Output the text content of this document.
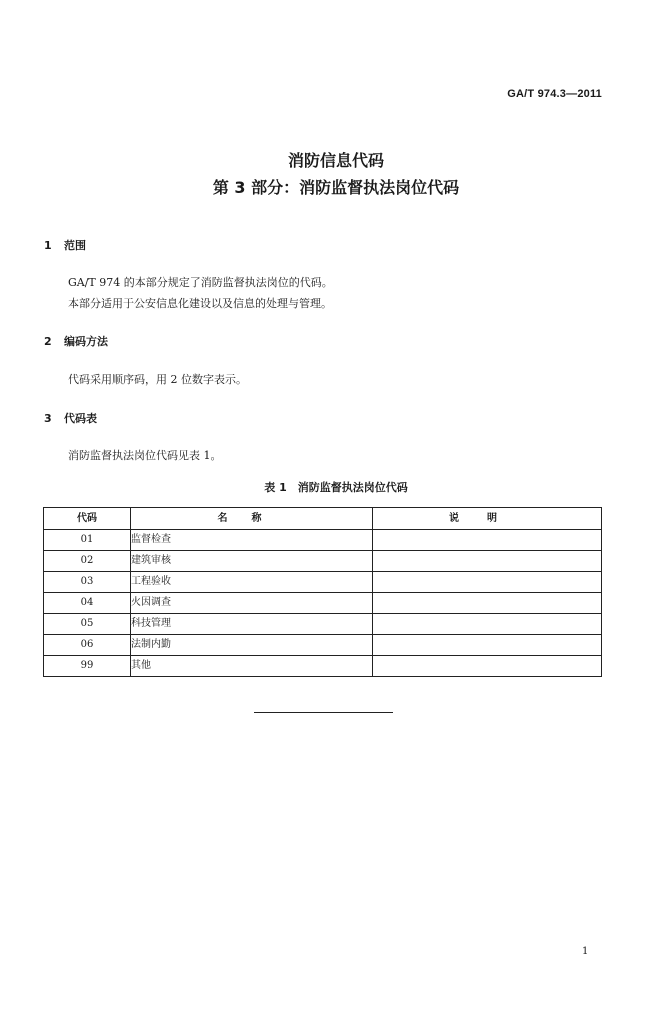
GA/T 974.3—2011
消防信息代码
第 3 部分：消防监督执法岗位代码
1 范围
GA/T 974 的本部分规定了消防监督执法岗位的代码。
本部分适用于公安信息化建设以及信息的处理与管理。
2 编码方法
代码采用顺序码，用 2 位数字表示。
3 代码表
消防监督执法岗位代码见表 1。
表 1　消防监督执法岗位代码
代码	名称	说明
01	监督检查	
02	建筑审核	
03	工程验收	
04	火因调查	
05	科技管理	
06	法制内勤	
99	其他	
1
